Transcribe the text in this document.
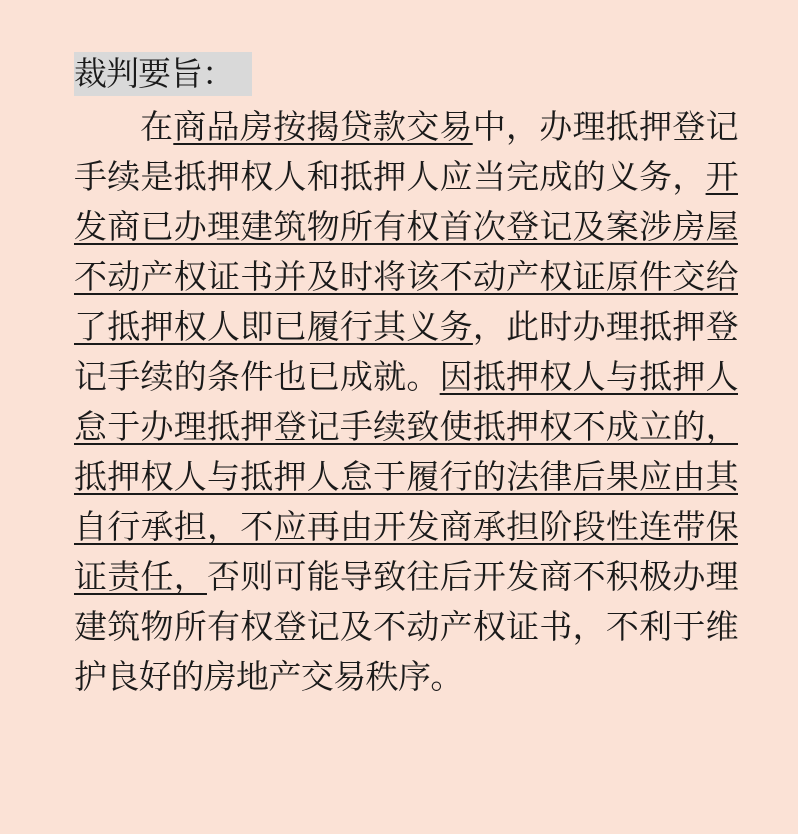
裁判要旨：

在商品房按揭贷款交易中，办理抵押登记手续是抵押权人和抵押人应当完成的义务，开发商已办理建筑物所有权首次登记及案涉房屋不动产权证书并及时将该不动产权证原件交给了抵押权人即已履行其义务，此时办理抵押登记手续的条件也已成就。因抵押权人与抵押人怠于办理抵押登记手续致使抵押权不成立的，抵押权人与抵押人怠于履行的法律后果应由其自行承担，不应再由开发商承担阶段性连带保证责任，否则可能导致往后开发商不积极办理建筑物所有权登记及不动产权证书，不利于维护良好的房地产交易秩序。
